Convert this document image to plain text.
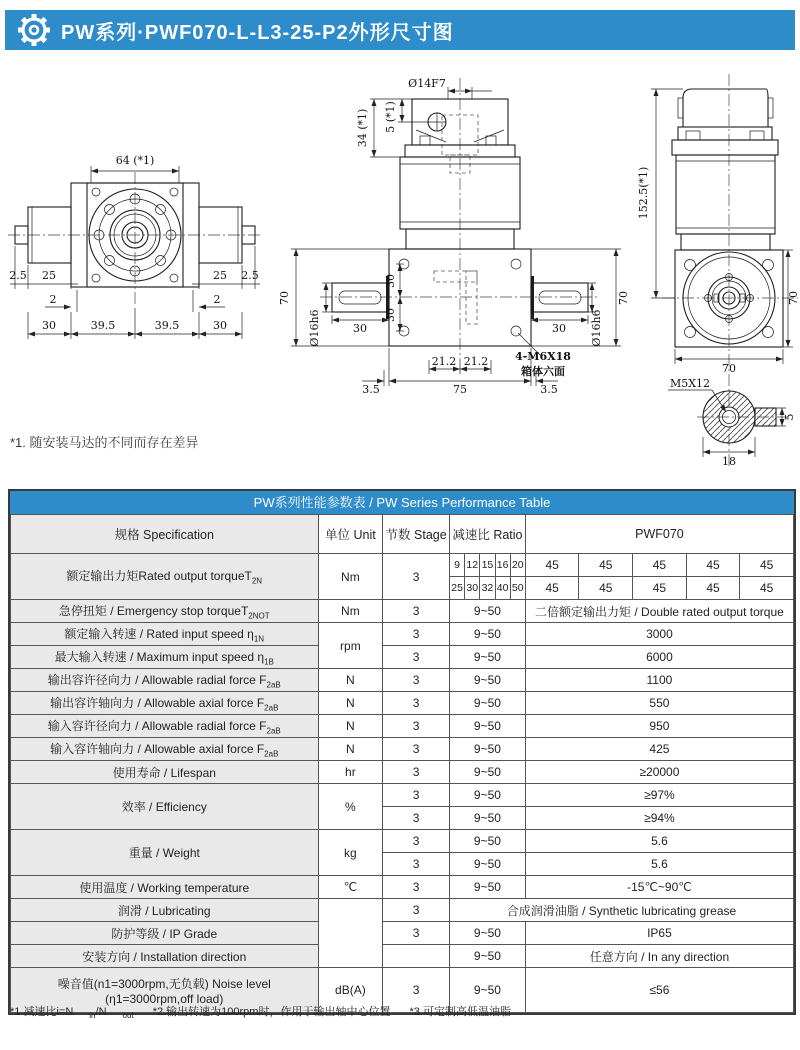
PW系列·PWF070-L-L3-25-P2外形尺寸图
64 (*1)
2.5 25
2
25 2.5
2
30	39.5	39.5	30
Ø14F7
34 (*1) 5 (*1)
70
Ø16h6	30
30
30
30 Ø16h6
70
21.2 21.2
75
3.5	3.5
4-M6X18
箱体六面
152.5(*1)
70
70
M5X12
18
5
*1. 随安装马达的不同而存在差异
PW系列性能参数表 / PW Series Performance Table
规格 Specification	单位 Unit	节数 Stage	减速比 Ratio					PWF070				
额定输出力矩Rated output torqueT$_{2N}$	Nm	3	9	12	15	16	20	45	45	45	45	45
			25	30	32	40	50	45	45	45	45	45
急停扭矩 / Emergency stop torqueT$_{2NOT}$	Nm	3	9~50					二倍额定输出力矩 / Double rated output torque				
额定输入转速 / Rated input speed $\eta_{1N}$	rpm	3	9~50					3000				
最大输入转速 / Maximum input speed $\eta_{1B}$		3	9~50					6000				
输出容许径向力 / Allowable radial force $F_{2aB}$	N	3	9~50					1100				
输出容许轴向力 / Allowable axial force $F_{2aB}$	N	3	9~50					550				
输入容许径向力 / Allowable radial force $F_{2aB}$	N	3	9~50					950				
输入容许轴向力 / Allowable axial force $F_{2aB}$	N	3	9~50					425				
使用寿命 / Lifespan	hr	3	9~50					≥20000				
效率 / Efficiency	%	3	9~50					≥97%				
		3	9~50					≥94%				
重量 / Weight	kg	3	9~50					5.6				
		3	9~50					5.6				
使用温度 / Working temperature	℃	3	9~50					-15℃~90℃				
润滑 / Lubricating		3	合成润滑油脂 / Synthetic lubricating grease									
防护等级 / IP Grade		3	9~50					IP65				
安装方向 / Installation direction			9~50					任意方向 / In any direction				

噪音值(n1=3000rpm,无负载) Noise level
(η1=3000rpm,off load)	dB(A)	3	9~50					≤56				
*1.减速比i=N $_{in}$/N $_{out}$ *2.输出转速为100rpm时，作用于输出轴中心位置 *3.可定制高低温油脂
